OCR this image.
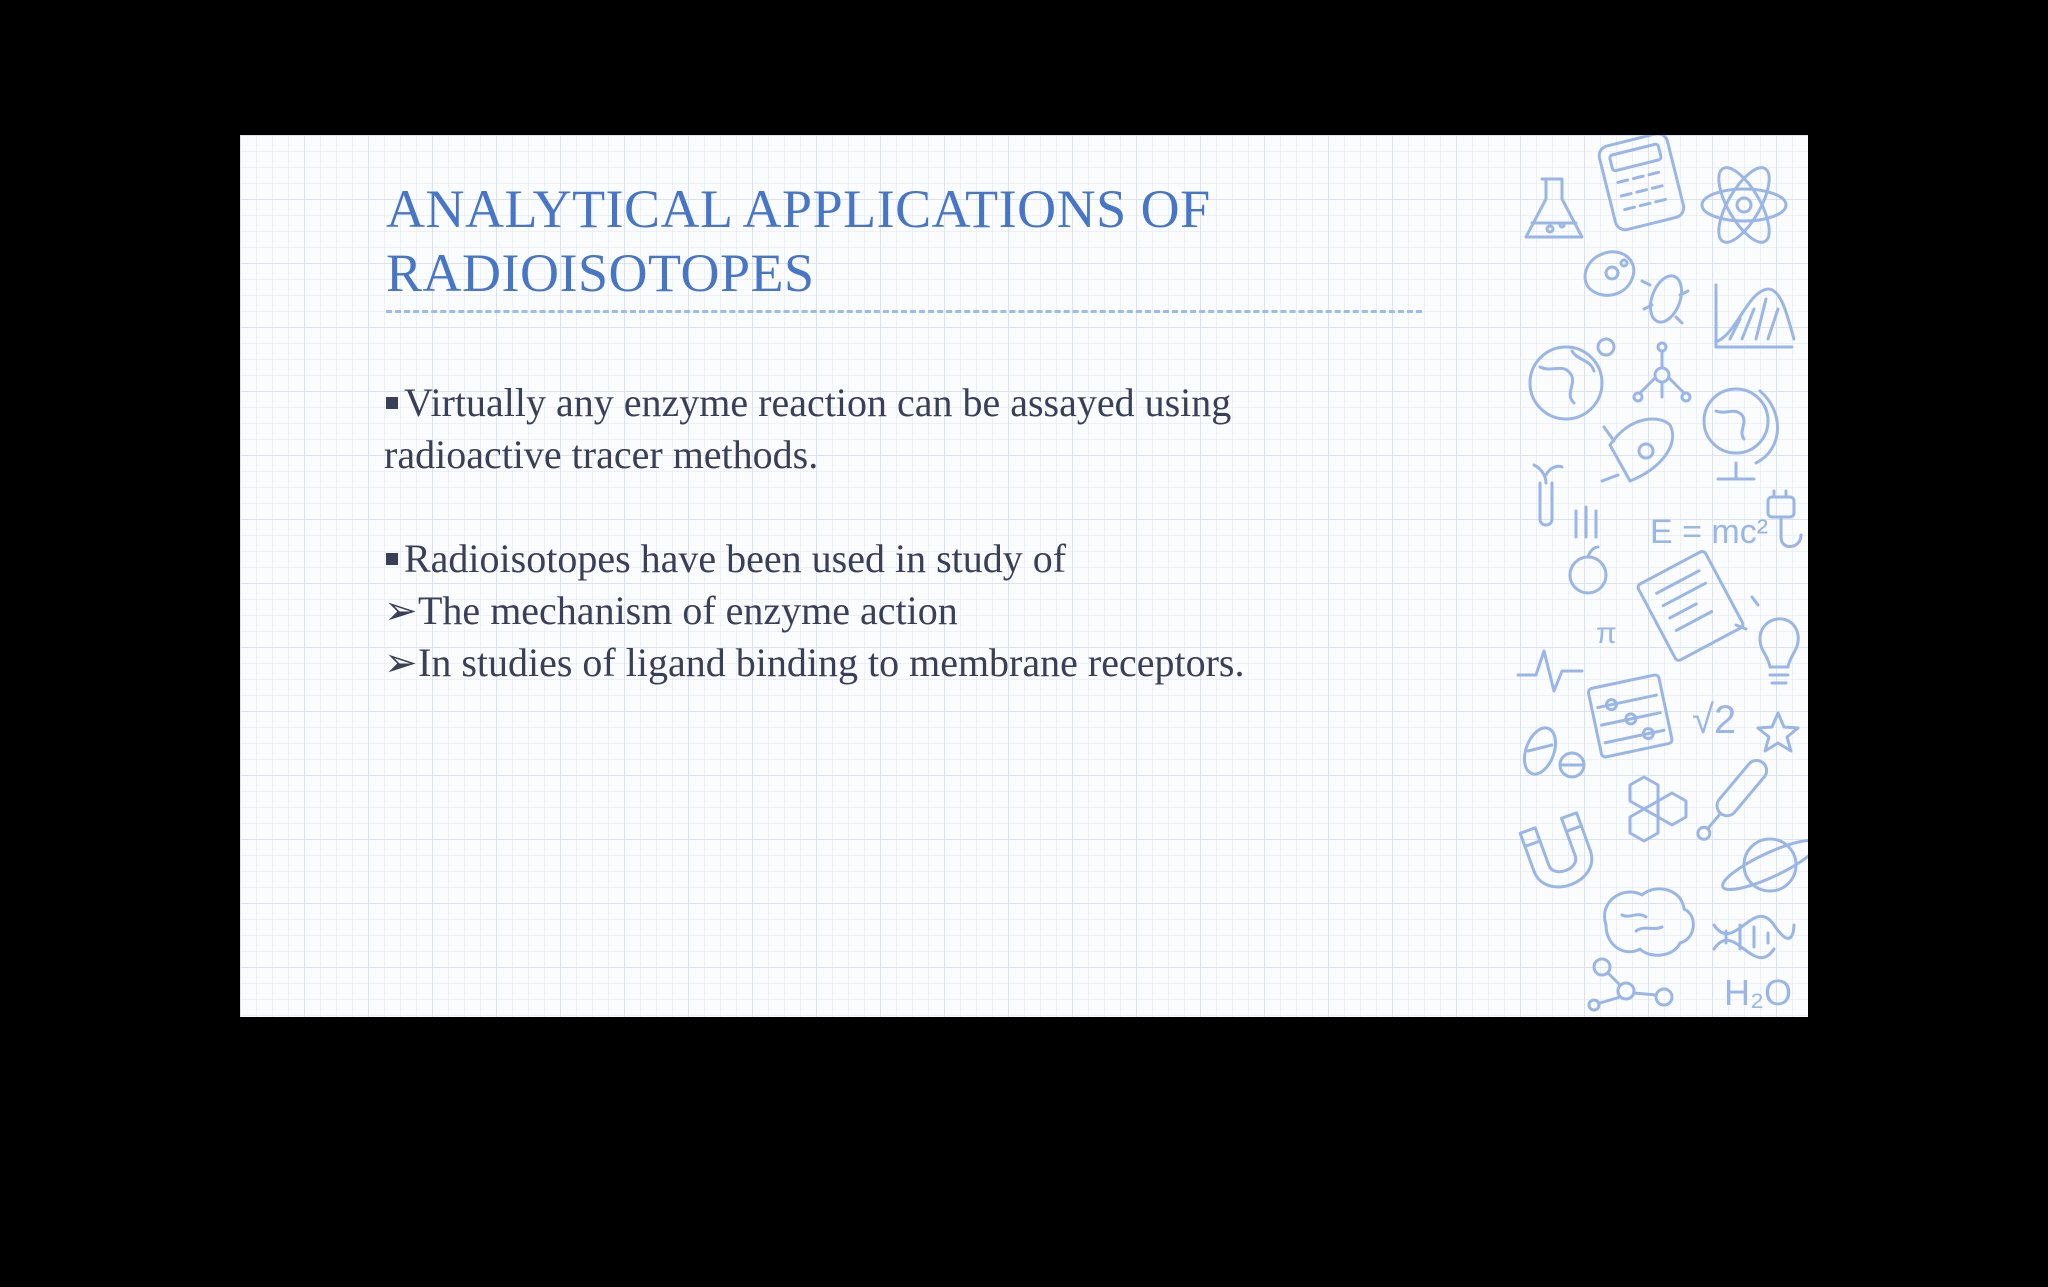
ANALYTICAL APPLICATIONS OF
RADIOISOTOPES

Virtually any enzyme reaction can be assayed using
radioactive tracer methods.

Radioisotopes have been used in study of

➢The mechanism of enzyme action

➢In studies of ligand binding to membrane receptors.

E = mc²
π
√2
H₂O
